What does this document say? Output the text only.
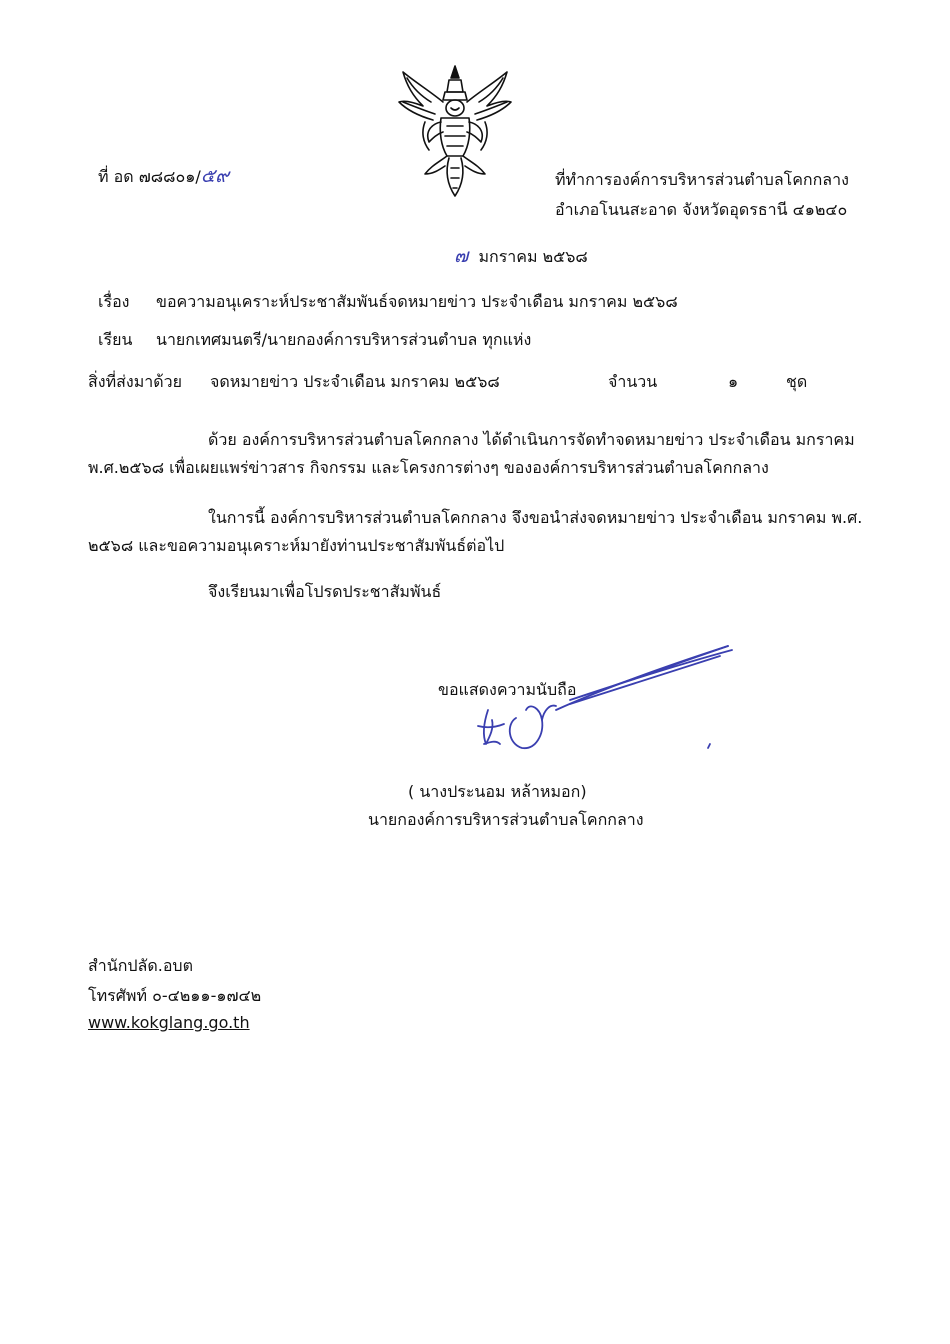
ที่ อด ๗๘๘๐๑/๕๙	ที่ทำการองค์การบริหารส่วนตำบลโคกกลาง
อำเภอโนนสะอาด จังหวัดอุดรธานี ๔๑๒๔๐
๗ มกราคม ๒๕๖๘
เรื่อง ขอความอนุเคราะห์ประชาสัมพันธ์จดหมายข่าว ประจำเดือน มกราคม ๒๕๖๘
เรียน นายกเทศมนตรี/นายกองค์การบริหารส่วนตำบล ทุกแห่ง
สิ่งที่ส่งมาด้วย จดหมายข่าว ประจำเดือน มกราคม ๒๕๖๘	จำนวน	๑	ชุด
ด้วย องค์การบริหารส่วนตำบลโคกกลาง ได้ดำเนินการจัดทำจดหมายข่าว ประจำเดือน มกราคม
พ.ศ.๒๕๖๘ เพื่อเผยแพร่ข่าวสาร กิจกรรม และโครงการต่างๆ ขององค์การบริหารส่วนตำบลโคกกลาง
ในการนี้ องค์การบริหารส่วนตำบลโคกกลาง จึงขอนำส่งจดหมายข่าว ประจำเดือน มกราคม พ.ศ.
๒๕๖๘ และขอความอนุเคราะห์มายังท่านประชาสัมพันธ์ต่อไป
จึงเรียนมาเพื่อโปรดประชาสัมพันธ์
ขอแสดงความนับถือ
( นางประนอม หล้าหมอก)
นายกองค์การบริหารส่วนตำบลโคกกลาง
สำนักปลัด.อบต
โทรศัพท์ ๐-๔๒๑๑-๑๗๔๒
www.kokglang.go.th
